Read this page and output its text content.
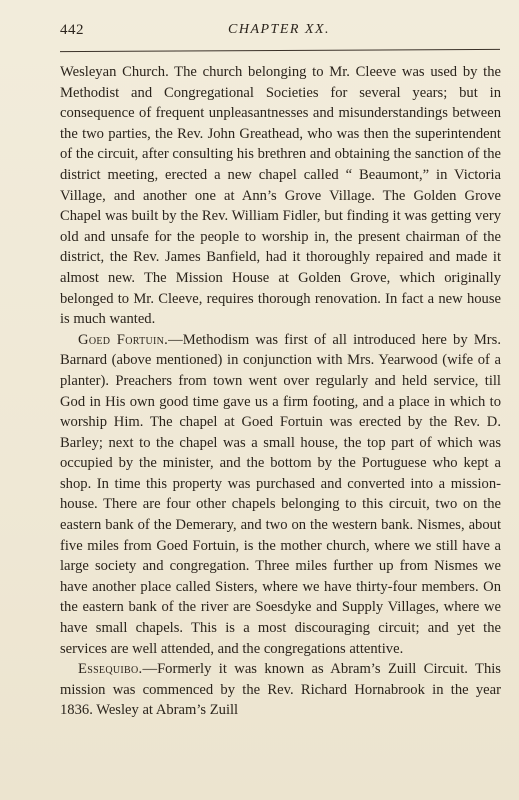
442	CHAPTER XX.

Wesleyan Church. The church belonging to Mr. Cleeve was used by the Methodist and Congregational Societies for several years; but in consequence of frequent unpleasantnesses and misunderstandings between the two parties, the Rev. John Greathead, who was then the superintendent of the circuit, after consulting his brethren and obtaining the sanction of the district meeting, erected a new chapel called “ Beaumont,” in Victoria Village, and another one at Ann’s Grove Village. The Golden Grove Chapel was built by the Rev. William Fidler, but finding it was getting very old and unsafe for the people to worship in, the present chairman of the district, the Rev. James Banfield, had it thoroughly repaired and made it almost new. The Mission House at Golden Grove, which originally belonged to Mr. Cleeve, requires thorough renovation. In fact a new house is much wanted.

Goed Fortuin.—Methodism was first of all introduced here by Mrs. Barnard (above mentioned) in conjunction with Mrs. Yearwood (wife of a planter). Preachers from town went over regularly and held service, till God in His own good time gave us a firm footing, and a place in which to worship Him. The chapel at Goed Fortuin was erected by the Rev. D. Barley; next to the chapel was a small house, the top part of which was occupied by the minister, and the bottom by the Portuguese who kept a shop. In time this property was purchased and converted into a mission-house. There are four other chapels belonging to this circuit, two on the eastern bank of the Demerary, and two on the western bank. Nismes, about five miles from Goed Fortuin, is the mother church, where we still have a large society and congregation. Three miles further up from Nismes we have another place called Sisters, where we have thirty-four members. On the eastern bank of the river are Soesdyke and Supply Villages, where we have small chapels. This is a most discouraging circuit; and yet the services are well attended, and the congregations attentive.

Essequibo.—Formerly it was known as Abram’s Zuill Circuit. This mission was commenced by the Rev. Richard Hornabrook in the year 1836. Wesley at Abram’s Zuill
